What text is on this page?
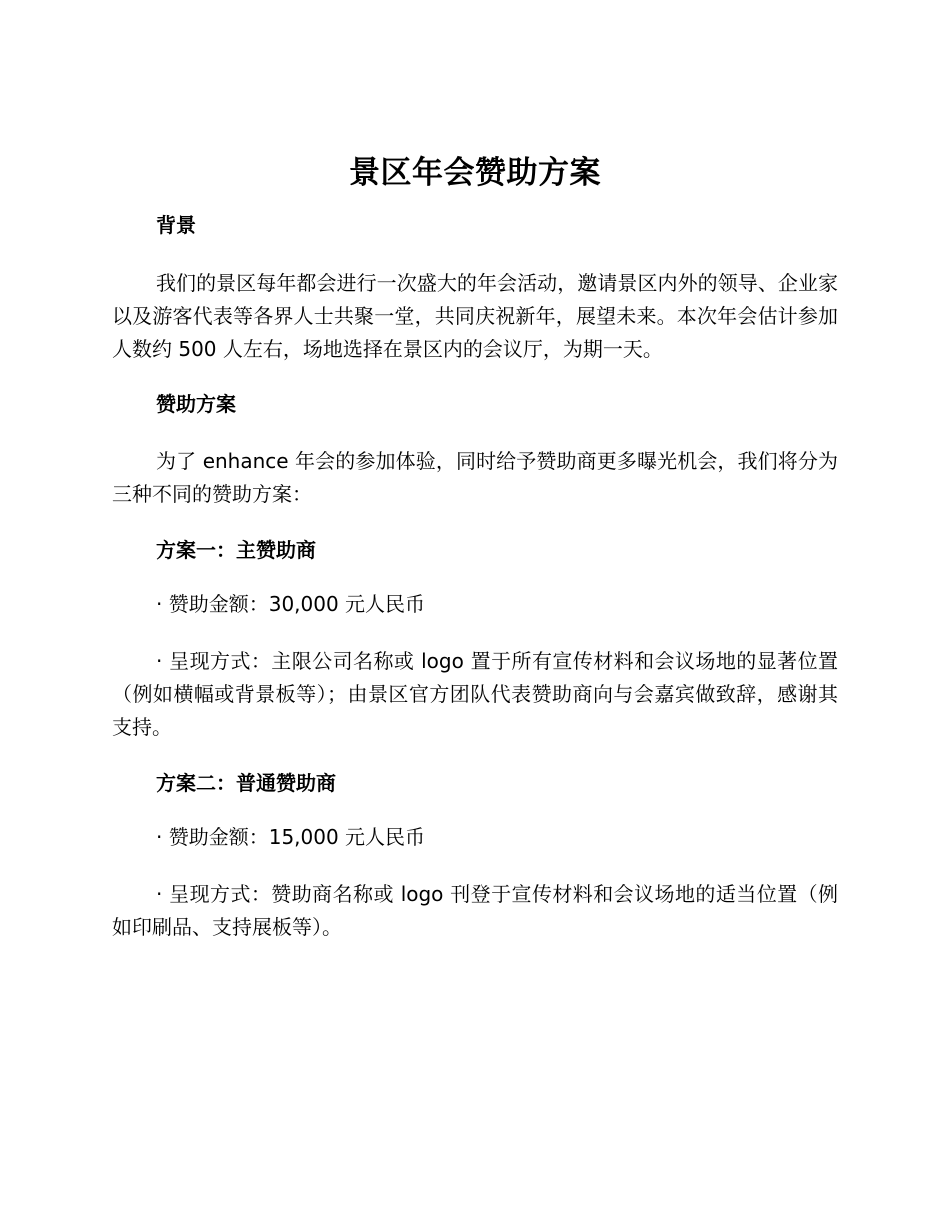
景区年会赞助方案

背景

我们的景区每年都会进行一次盛大的年会活动，邀请景区内外的领导、企业家以及游客代表等各界人士共聚一堂，共同庆祝新年，展望未来。本次年会估计参加人数约 500 人左右，场地选择在景区内的会议厅，为期一天。

赞助方案

为了 enhance 年会的参加体验，同时给予赞助商更多曝光机会，我们将分为三种不同的赞助方案：

方案一：主赞助商

· 赞助金额：30,000 元人民币

· 呈现方式：主限公司名称或 logo 置于所有宣传材料和会议场地的显著位置（例如横幅或背景板等）；由景区官方团队代表赞助商向与会嘉宾做致辞，感谢其支持。

方案二：普通赞助商

· 赞助金额：15,000 元人民币

· 呈现方式：赞助商名称或 logo 刊登于宣传材料和会议场地的适当位置（例如印刷品、支持展板等）。
